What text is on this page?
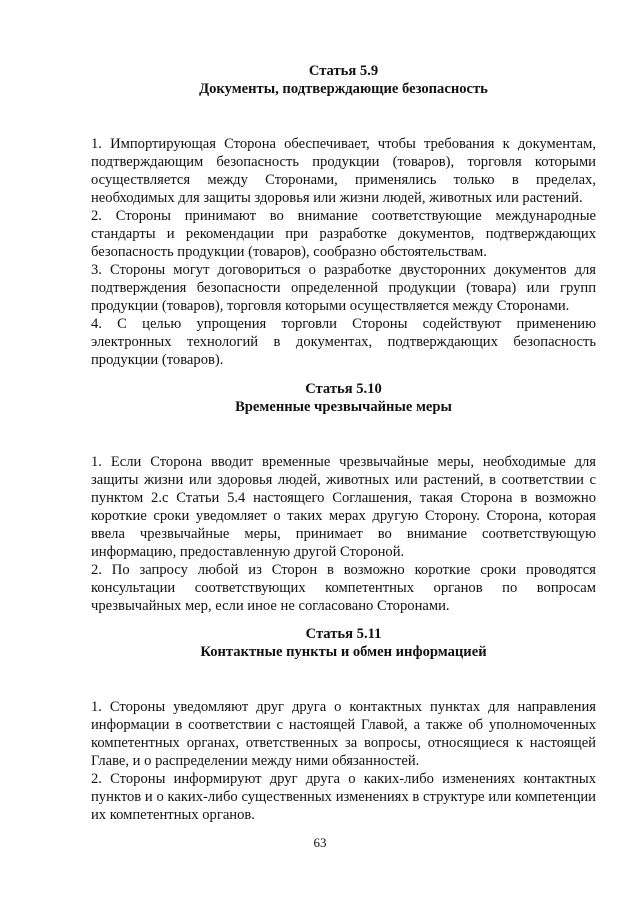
Статья 5.9

Документы, подтверждающие безопасность

1. Импортирующая Сторона обеспечивает, чтобы требования к документам, подтверждающим безопасность продукции (товаров), торговля которыми осуществляется между Сторонами, применялись только в пределах, необходимых для защиты здоровья или жизни людей, животных или растений.

2. Стороны принимают во внимание соответствующие международные стандарты и рекомендации при разработке документов, подтверждающих безопасность продукции (товаров), сообразно обстоятельствам.

3. Стороны могут договориться о разработке двусторонних документов для подтверждения безопасности определенной продукции (товара) или групп продукции (товаров), торговля которыми осуществляется между Сторонами.

4. С целью упрощения торговли Стороны содействуют применению электронных технологий в документах, подтверждающих безопасность продукции (товаров).

Статья 5.10

Временные чрезвычайные меры

1. Если Сторона вводит временные чрезвычайные меры, необходимые для защиты жизни или здоровья людей, животных или растений, в соответствии с пунктом 2.c Статьи 5.4 настоящего Соглашения, такая Сторона в возможно короткие сроки уведомляет о таких мерах другую Сторону. Сторона, которая ввела чрезвычайные меры, принимает во внимание соответствующую информацию, предоставленную другой Стороной.

2. По запросу любой из Сторон в возможно короткие сроки проводятся консультации соответствующих компетентных органов по вопросам чрезвычайных мер, если иное не согласовано Сторонами.

Статья 5.11

Контактные пункты и обмен информацией

1. Стороны уведомляют друг друга о контактных пунктах для направления информации в соответствии с настоящей Главой, а также об уполномоченных компетентных органах, ответственных за вопросы, относящиеся к настоящей Главе, и о распределении между ними обязанностей.

2. Стороны информируют друг друга о каких-либо изменениях контактных пунктов и о каких-либо существенных изменениях в структуре или компетенции их компетентных органов.

63
